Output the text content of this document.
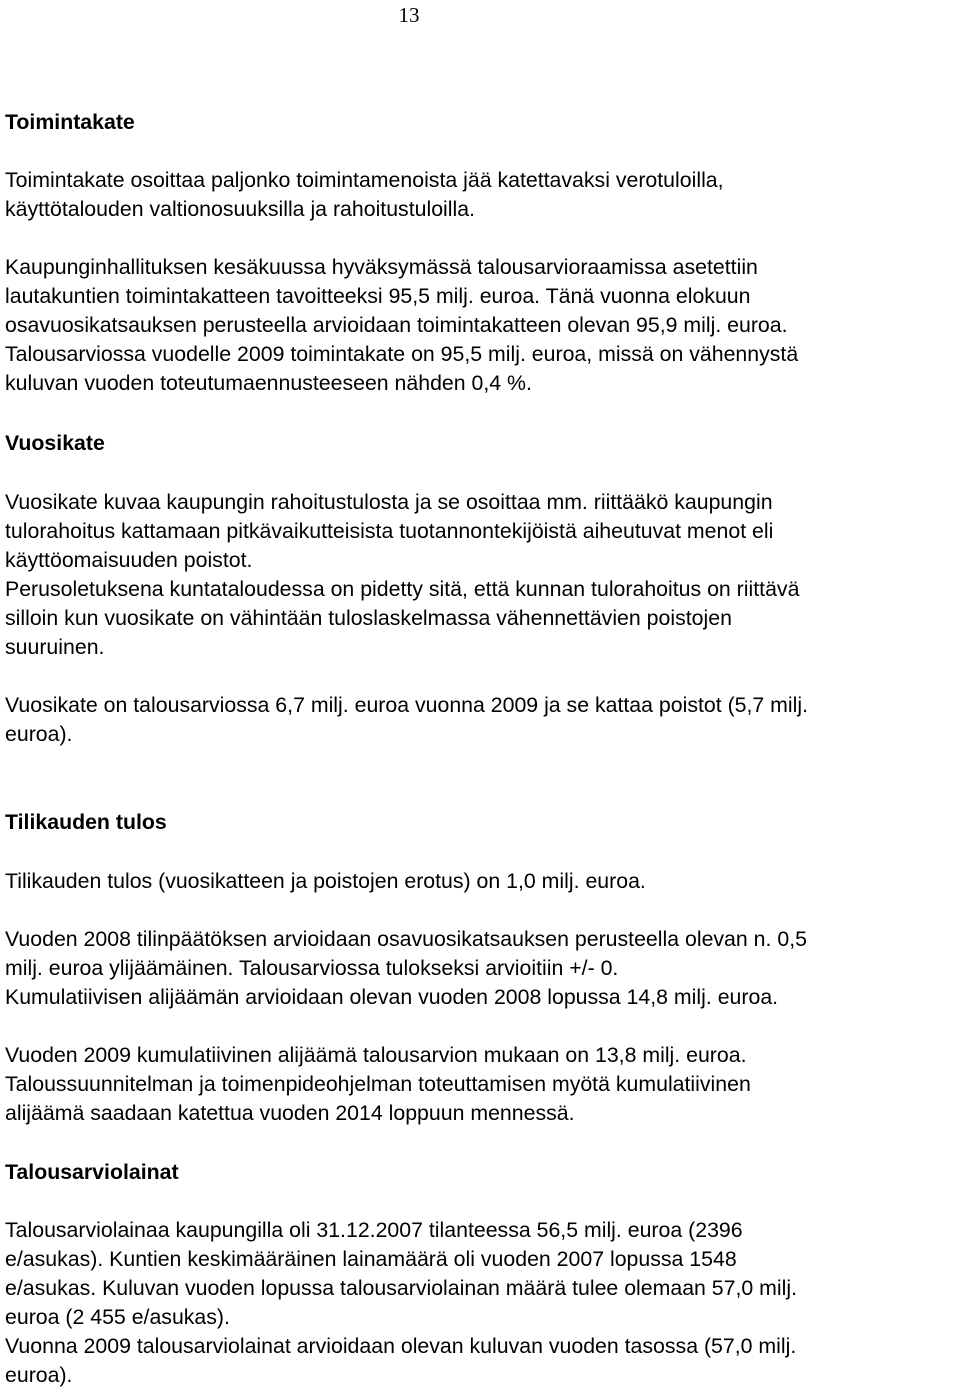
13
Toimintakate
Toimintakate osoittaa paljonko toimintamenoista jää katettavaksi verotuloilla,
käyttötalouden valtionosuuksilla ja rahoitustuloilla.
Kaupunginhallituksen kesäkuussa hyväksymässä talousarvioraamissa asetettiin
lautakuntien toimintakatteen tavoitteeksi 95,5 milj. euroa. Tänä vuonna elokuun
osavuosikatsauksen perusteella arvioidaan toimintakatteen olevan 95,9 milj. euroa.
Talousarviossa vuodelle 2009 toimintakate on 95,5 milj. euroa, missä on vähennystä
kuluvan vuoden toteutumaennusteeseen nähden 0,4 %.
Vuosikate
Vuosikate kuvaa kaupungin rahoitustulosta ja se osoittaa mm. riittääkö kaupungin
tulorahoitus kattamaan pitkävaikutteisista tuotannontekijöistä aiheutuvat menot eli
käyttöomaisuuden poistot.
Perusoletuksena kuntataloudessa on pidetty sitä, että kunnan tulorahoitus on riittävä
silloin kun vuosikate on vähintään tuloslaskelmassa vähennettävien poistojen
suuruinen.
Vuosikate on talousarviossa 6,7 milj. euroa vuonna 2009 ja se kattaa poistot (5,7 milj.
euroa).
Tilikauden tulos
Tilikauden tulos (vuosikatteen ja poistojen erotus) on 1,0 milj. euroa.
Vuoden 2008 tilinpäätöksen arvioidaan osavuosikatsauksen perusteella olevan n. 0,5
milj. euroa ylijäämäinen. Talousarviossa tulokseksi arvioitiin +/- 0.
Kumulatiivisen alijäämän arvioidaan olevan vuoden 2008 lopussa 14,8 milj. euroa.
Vuoden 2009 kumulatiivinen alijäämä talousarvion mukaan on 13,8 milj. euroa.
Taloussuunnitelman ja toimenpideohjelman toteuttamisen myötä kumulatiivinen
alijäämä saadaan katettua vuoden 2014 loppuun mennessä.
Talousarviolainat
Talousarviolainaa kaupungilla oli 31.12.2007 tilanteessa 56,5 milj. euroa (2396
e/asukas). Kuntien keskimääräinen lainamäärä oli vuoden 2007 lopussa 1548
e/asukas. Kuluvan vuoden lopussa talousarviolainan määrä tulee olemaan 57,0 milj.
euroa (2 455 e/asukas).
Vuonna 2009 talousarviolainat arvioidaan olevan kuluvan vuoden tasossa (57,0 milj.
euroa).
